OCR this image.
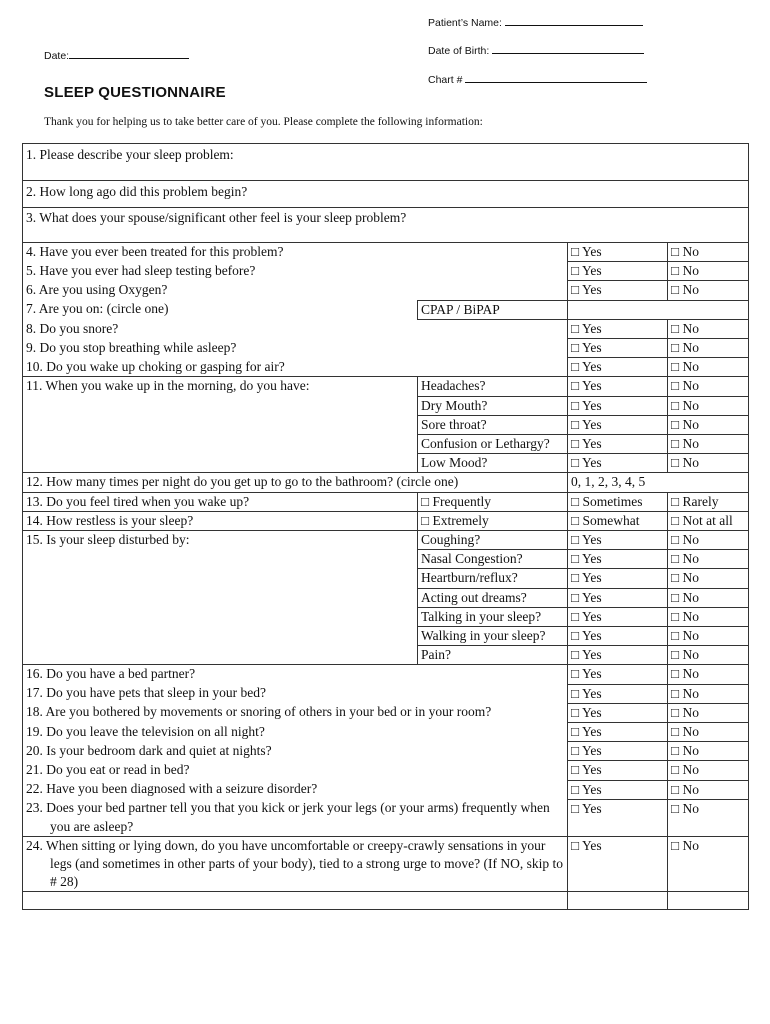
Patient’s Name:
Date of Birth:
Chart #
Date:
SLEEP QUESTIONNAIRE
Thank you for helping us to take better care of you. Please complete the following information:
1. Please describe your sleep problem:			
2. How long ago did this problem begin?			
3. What does your spouse/significant other feel is your sleep problem?			
4. Have you ever been treated for this problem?		□ Yes	□ No
5. Have you ever had sleep testing before?		□ Yes	□ No
6. Are you using Oxygen?		□ Yes	□ No
7. Are you on: (circle one)	CPAP / BiPAP		
8. Do you snore?		□ Yes	□ No
9. Do you stop breathing while asleep?		□ Yes	□ No
10. Do you wake up choking or gasping for air?		□ Yes	□ No
11. When you wake up in the morning, do you have:	Headaches?	□ Yes	□ No
	Dry Mouth?	□ Yes	□ No
	Sore throat?	□ Yes	□ No
	Confusion or Lethargy?	□ Yes	□ No
	Low Mood?	□ Yes	□ No
12. How many times per night do you get up to go to the bathroom? (circle one)		0, 1, 2, 3, 4, 5	
13. Do you feel tired when you wake up?	□ Frequently	□ Sometimes	□ Rarely
14. How restless is your sleep?	□ Extremely	□ Somewhat	□ Not at all
15. Is your sleep disturbed by:	Coughing?	□ Yes	□ No
	Nasal Congestion?	□ Yes	□ No
	Heartburn/reflux?	□ Yes	□ No
	Acting out dreams?	□ Yes	□ No
	Talking in your sleep?	□ Yes	□ No
	Walking in your sleep?	□ Yes	□ No
	Pain?	□ Yes	□ No
16. Do you have a bed partner?		□ Yes	□ No
17. Do you have pets that sleep in your bed?		□ Yes	□ No
18. Are you bothered by movements or snoring of others in your bed or in your room?		□ Yes	□ No
19. Do you leave the television on all night?		□ Yes	□ No
20. Is your bedroom dark and quiet at nights?		□ Yes	□ No
21. Do you eat or read in bed?		□ Yes	□ No
22. Have you been diagnosed with a seizure disorder?		□ Yes	□ No

23. Does your bed partner tell you that you kick or jerk your legs (or your arms) frequently when you are asleep?		□ Yes	□ No

24. When sitting or lying down, do you have uncomfortable or creepy-crawly sensations in your legs (and sometimes in other parts of your body), tied to a strong urge to move? (If NO, skip to # 28)		□ Yes	□ No
